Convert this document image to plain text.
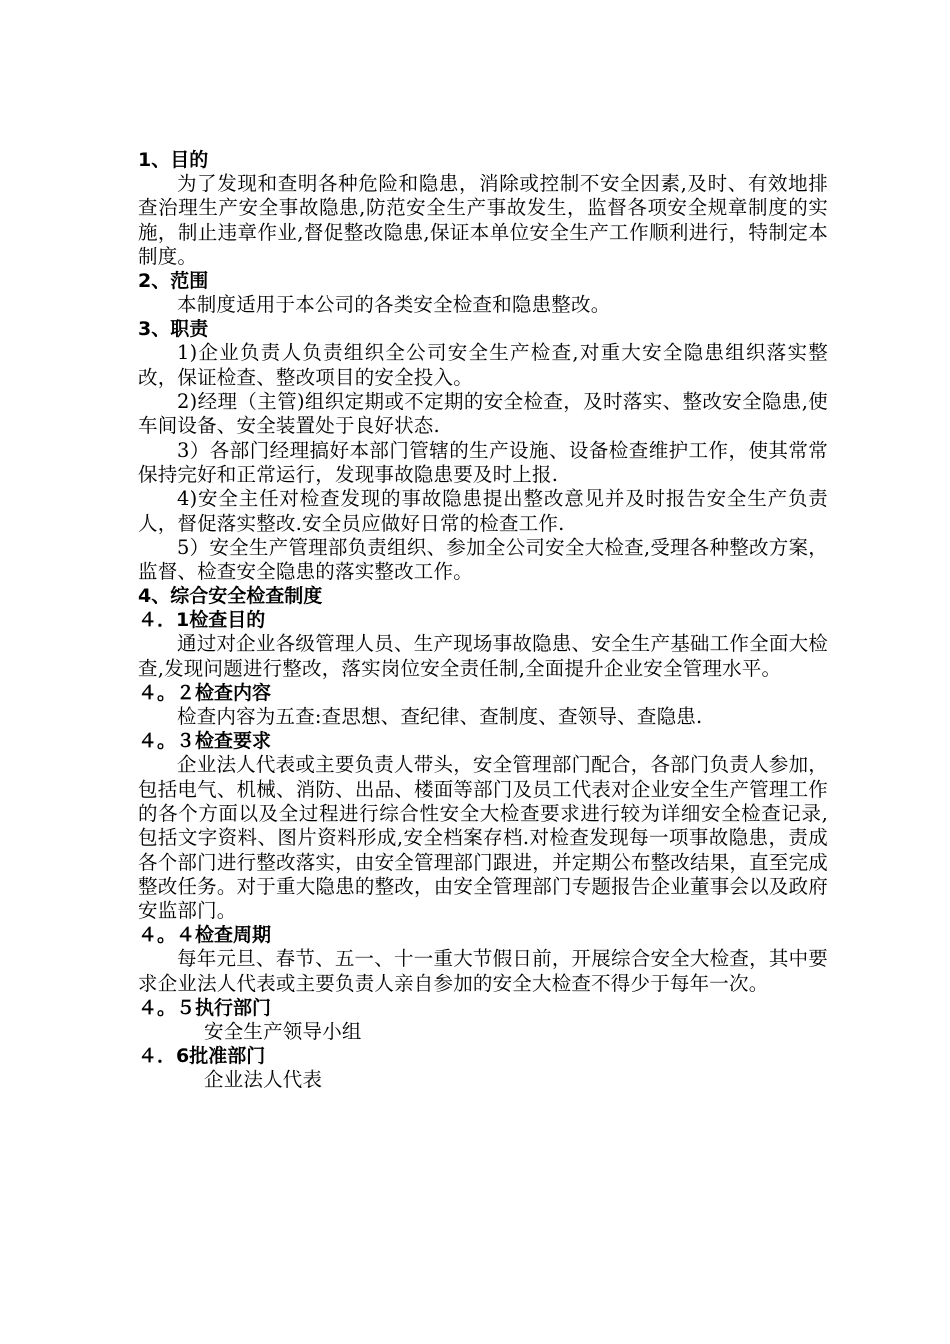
1、目的
为了发现和查明各种危险和隐患，消除或控制不安全因素,及时、有效地排查治理生产安全事故隐患,防范安全生产事故发生，监督各项安全规章制度的实施，制止违章作业,督促整改隐患,保证本单位安全生产工作顺利进行，特制定本制度。
2、范围
本制度适用于本公司的各类安全检查和隐患整改。
3、职责
1)企业负责人负责组织全公司安全生产检查,对重大安全隐患组织落实整改，保证检查、整改项目的安全投入。
2)经理（主管)组织定期或不定期的安全检查，及时落实、整改安全隐患,使车间设备、安全装置处于良好状态.
3）各部门经理搞好本部门管辖的生产设施、设备检查维护工作，使其常常保持完好和正常运行，发现事故隐患要及时上报.
4)安全主任对检查发现的事故隐患提出整改意见并及时报告安全生产负责人，督促落实整改.安全员应做好日常的检查工作.
5）安全生产管理部负责组织、参加全公司安全大检查,受理各种整改方案，监督、检查安全隐患的落实整改工作。
4、综合安全检查制度
４．1检查目的
通过对企业各级管理人员、生产现场事故隐患、安全生产基础工作全面大检查,发现问题进行整改，落实岗位安全责任制,全面提升企业安全管理水平。
４。２检查内容
检查内容为五查:查思想、查纪律、查制度、查领导、查隐患.
４。３检查要求
企业法人代表或主要负责人带头，安全管理部门配合，各部门负责人参加，包括电气、机械、消防、出品、楼面等部门及员工代表对企业安全生产管理工作的各个方面以及全过程进行综合性安全大检查要求进行较为详细安全检查记录,包括文字资料、图片资料形成,安全档案存档.对检查发现每一项事故隐患，责成各个部门进行整改落实，由安全管理部门跟进，并定期公布整改结果，直至完成整改任务。对于重大隐患的整改，由安全管理部门专题报告企业董事会以及政府安监部门。
４。４检查周期
每年元旦、春节、五一、十一重大节假日前，开展综合安全大检查，其中要求企业法人代表或主要负责人亲自参加的安全大检查不得少于每年一次。
４。５执行部门
安全生产领导小组
４．6批准部门
企业法人代表
